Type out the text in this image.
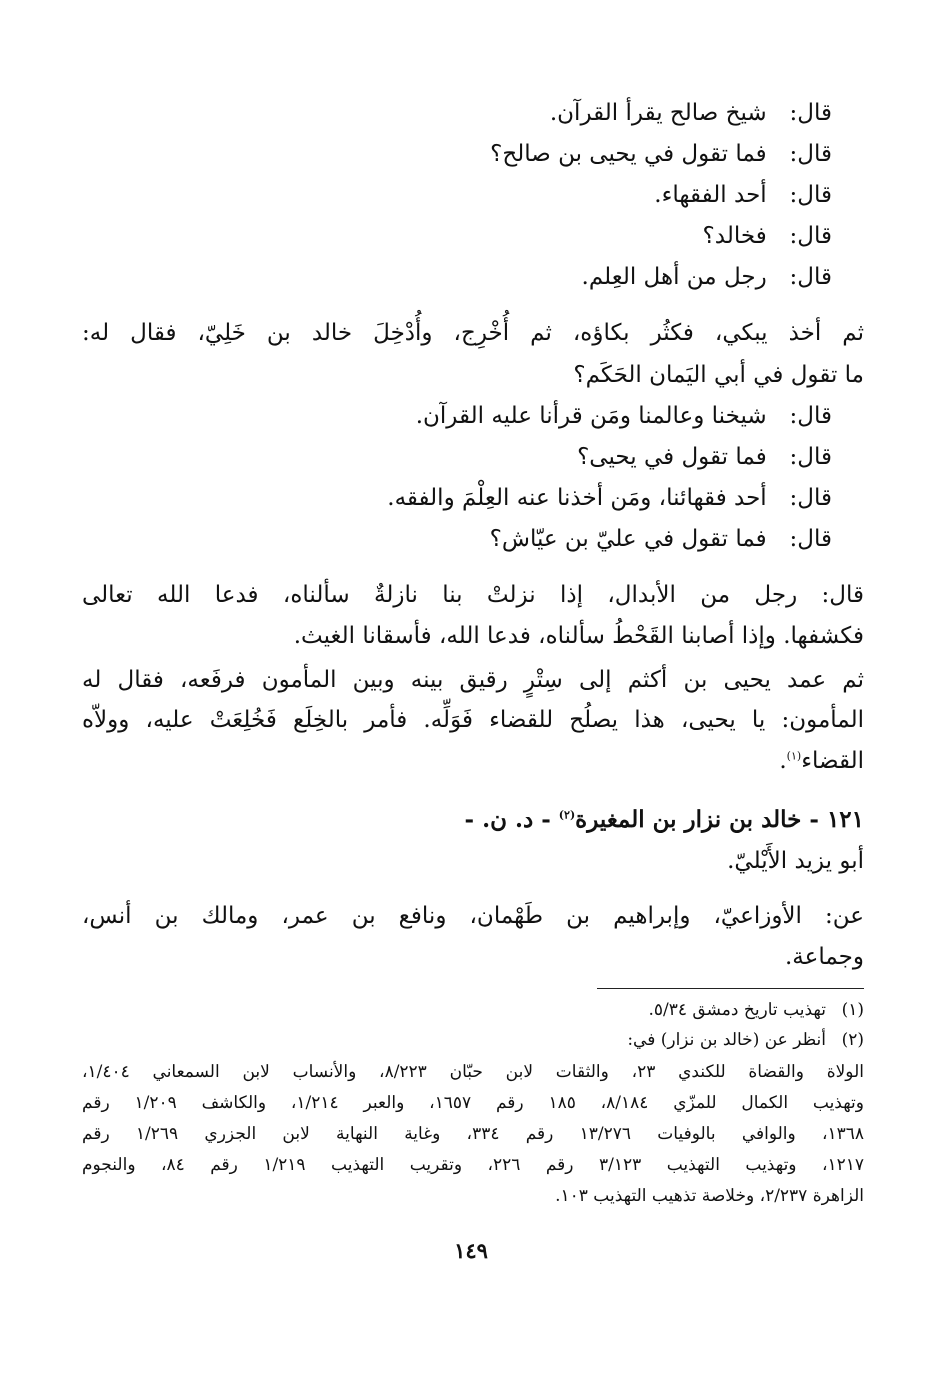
قال: شيخ صالح يقرأ القرآن.
قال: فما تقول في يحيى بن صالح؟
قال: أحد الفقهاء.
قال: فخالد؟
قال: رجل من أهل العِلم.
ثم أخذ يبكي، فكثُر بكاؤه، ثم أُخْرِج، وأُدْخِلَ خالد بن خَلِيّ، فقال له:
ما تقول في أبي اليَمان الحَكَم؟
قال: شيخنا وعالمنا ومَن قرأنا عليه القرآن.
قال: فما تقول في يحيى؟
قال: أحد فقهائنا، ومَن أخذنا عنه العِلْمَ والفقه.
قال: فما تقول في عليّ بن عيّاش؟
قال: رجل من الأبدال، إذا نزلتْ بنا نازلةٌ سألناه، فدعا الله تعالى
فكشفها. وإذا أصابنا القَحْطُ سألناه، فدعا الله، فأسقانا الغيث.
ثم عمد يحيى بن أكثم إلى سِتْرٍ رقيق بينه وبين المأمون فرفَعه، فقال له
المأمون: يا يحيى، هذا يصلُح للقضاء فَوَلِّه. فأمر بالخِلَع فَخُلِعَتْ عليه، وولاّه
القضاء$^{(١)}$.
١٢١ - خالد بن نزار بن المغيرة$^{(٢)}$ - د. ن. -
أبو يزيد الأَيْليّ.
عن: الأوزاعيّ، وإبراهيم بن طَهْمان، ونافع بن عمر، ومالك بن أنس،
وجماعة.
(١)تهذيب تاريخ دمشق ٥/٣٤.
(٢)أنظر عن (خالد بن نزار) في:
الولاة والقضاة للكندي ٢٣، والثقات لابن حبّان ٨/٢٢٣، والأنساب لابن السمعاني ١/٤٠٤،
وتهذيب الكمال للمزّي ٨/١٨٤، ١٨٥ رقم ١٦٥٧، والعبر ١/٢١٤، والكاشف ١/٢٠٩ رقم
١٣٦٨، والوافي بالوفيات ١٣/٢٧٦ رقم ٣٣٤، وغاية النهاية لابن الجزري ١/٢٦٩ رقم
١٢١٧، وتهذيب التهذيب ٣/١٢٣ رقم ٢٢٦، وتقريب التهذيب ١/٢١٩ رقم ٨٤، والنجوم
الزاهرة ٢/٢٣٧، وخلاصة تذهيب التهذيب ١٠٣.
١٤٩
